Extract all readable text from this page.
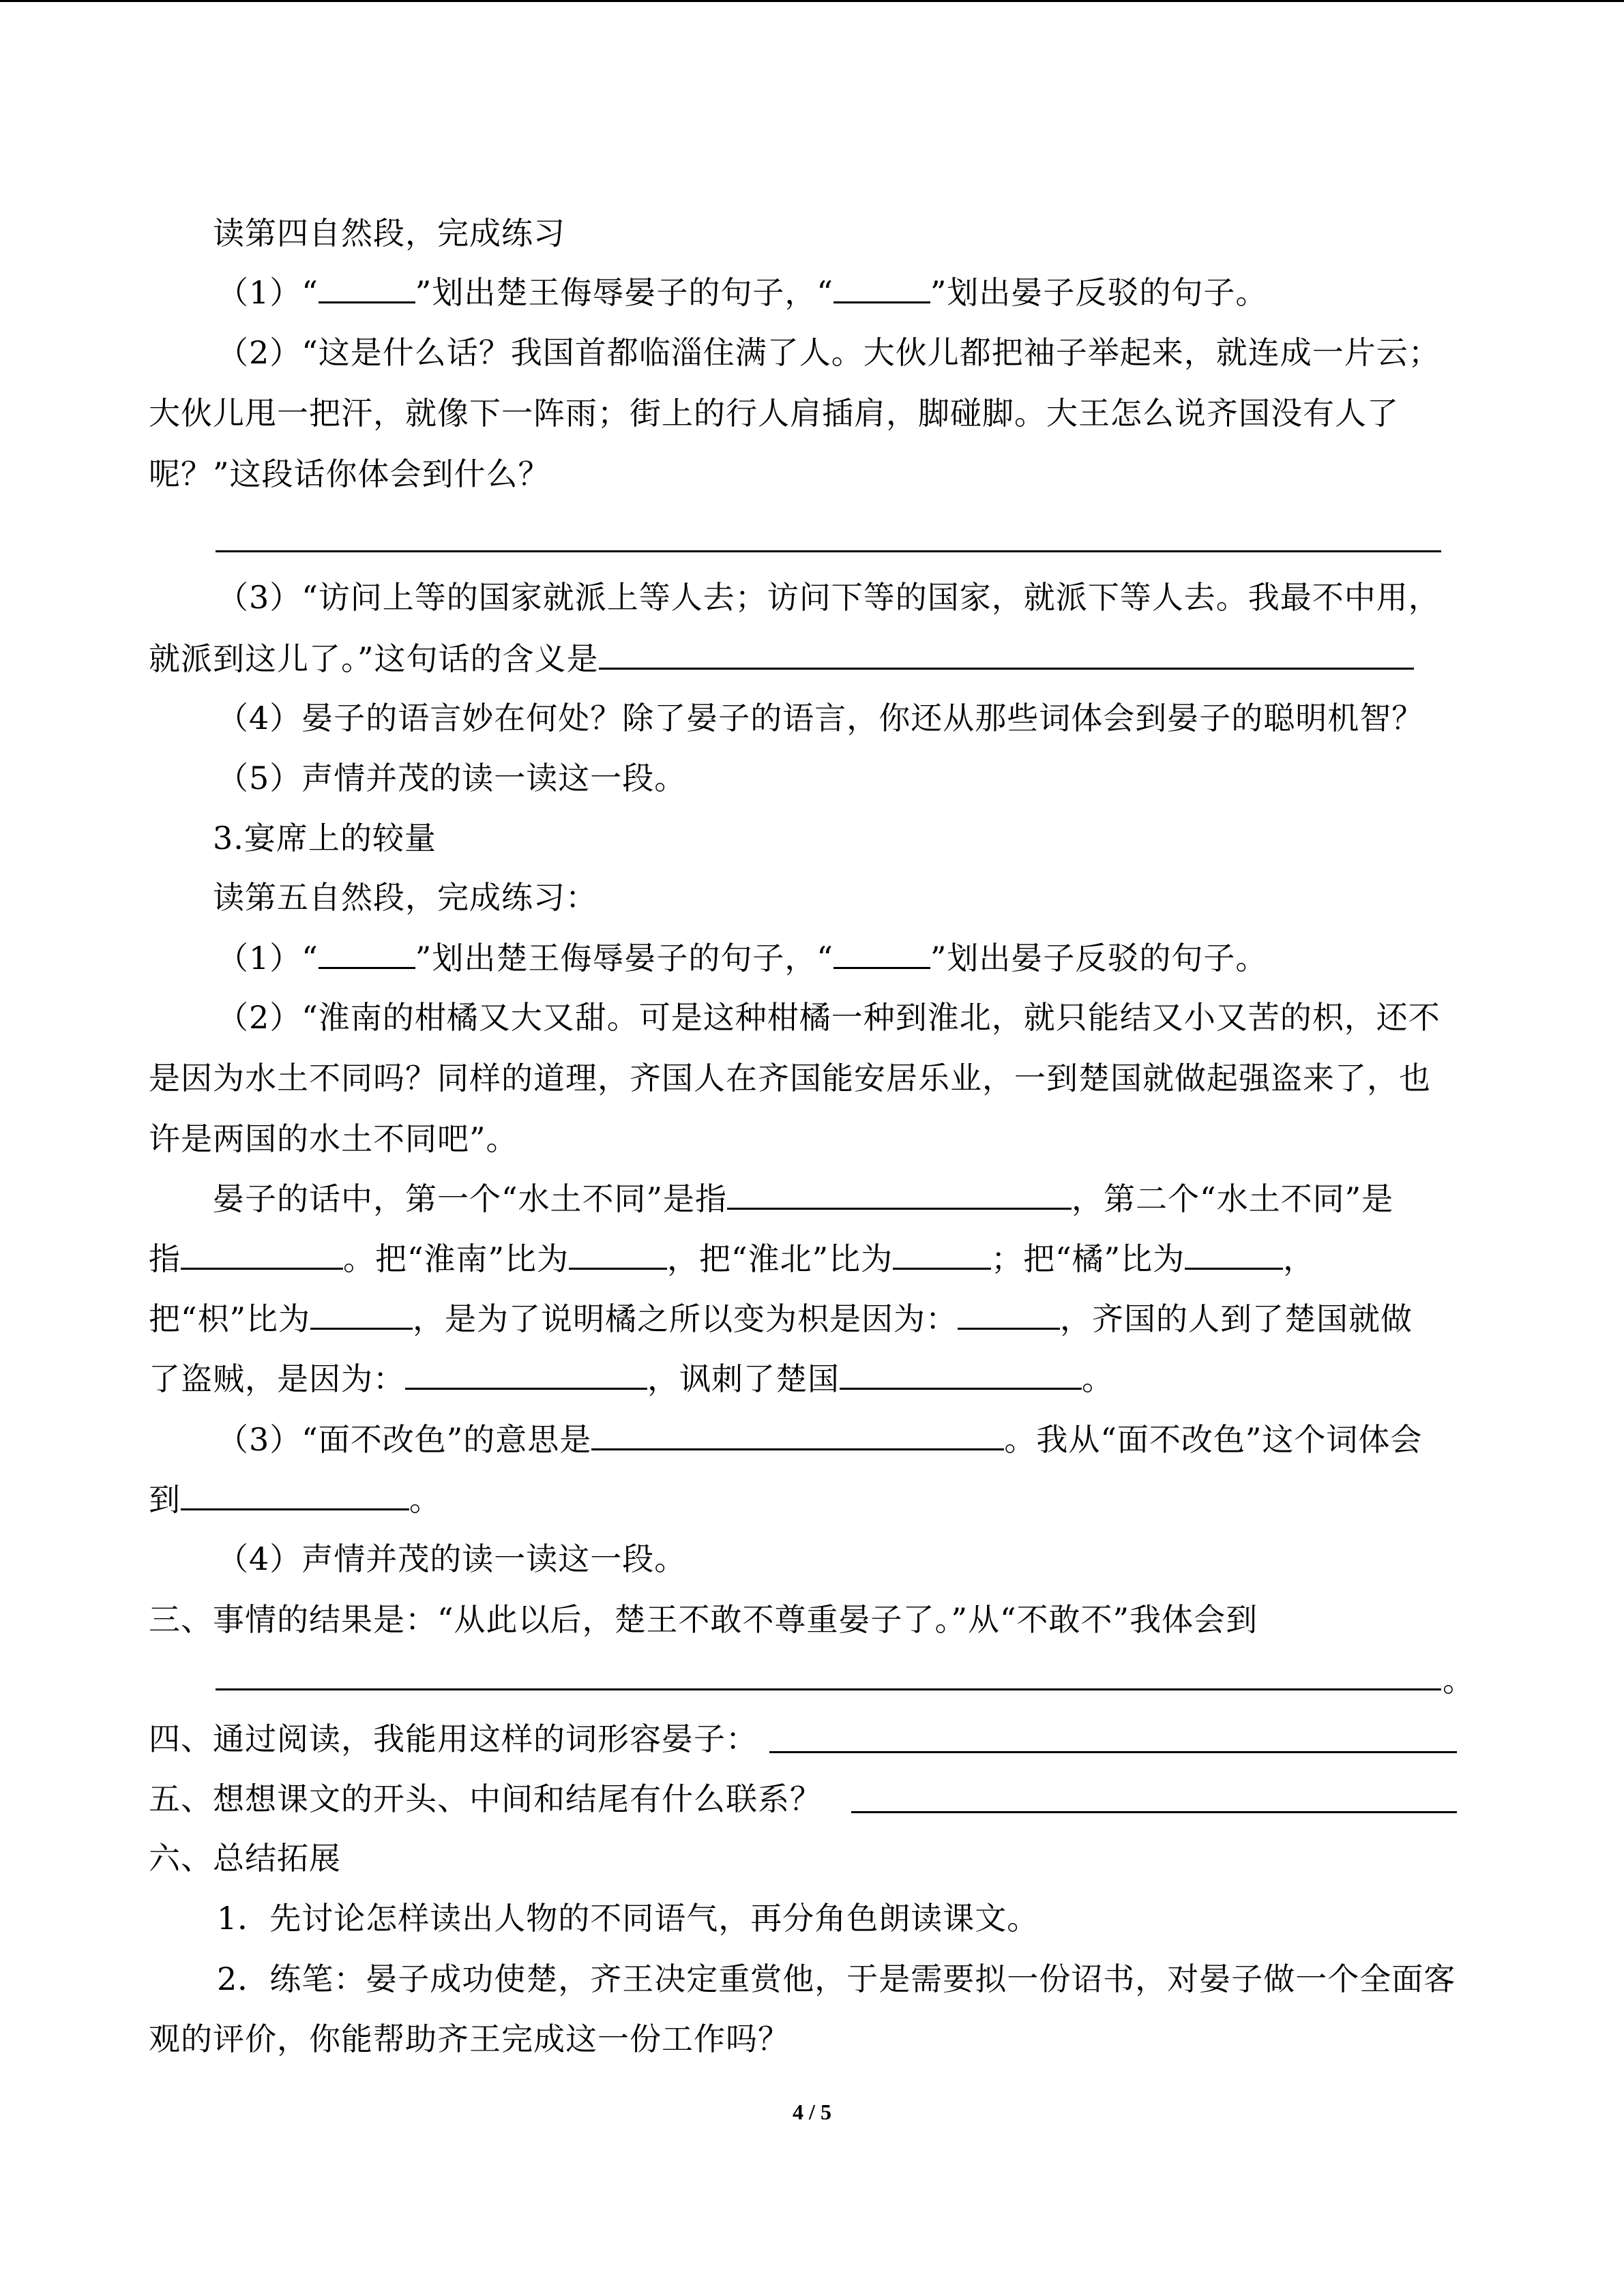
读第四自然段，完成练习
（1）“	”划出楚王侮辱晏子的句子，“	”划出晏子反驳的句子。
（2）“这是什么话？我国首都临淄住满了人。大伙儿都把袖子举起来，就连成一片云；
大伙儿甩一把汗，就像下一阵雨；街上的行人肩插肩，脚碰脚。大王怎么说齐国没有人了
呢？”这段话你体会到什么？
（3）“访问上等的国家就派上等人去；访问下等的国家，就派下等人去。我最不中用，
就派到这儿了。”这句话的含义是
（4）晏子的语言妙在何处？除了晏子的语言，你还从那些词体会到晏子的聪明机智？
（5）声情并茂的读一读这一段。
3.宴席上的较量
读第五自然段，完成练习：
（1）“	”划出楚王侮辱晏子的句子，“	”划出晏子反驳的句子。
（2）“淮南的柑橘又大又甜。可是这种柑橘一种到淮北，就只能结又小又苦的枳，还不
是因为水土不同吗？同样的道理，齐国人在齐国能安居乐业，一到楚国就做起强盗来了，也
许是两国的水土不同吧”。
晏子的话中，第一个“水土不同”是指	，第二个“水土不同”是
指	。把“淮南”比为	，把“淮北”比为	；把“橘”比为	，
把“枳”比为	，是为了说明橘之所以变为枳是因为：	，齐国的人到了楚国就做
了盗贼，是因为：	，讽刺了楚国	。
（3）“面不改色”的意思是	。我从“面不改色”这个词体会
到	。
（4）声情并茂的读一读这一段。
三、事情的结果是：“从此以后，楚王不敢不尊重晏子了。”从“不敢不”我体会到
。
四、通过阅读，我能用这样的词形容晏子：
五、想想课文的开头、中间和结尾有什么联系？
六、总结拓展
1．先讨论怎样读出人物的不同语气，再分角色朗读课文。
2．练笔：晏子成功使楚，齐王决定重赏他，于是需要拟一份诏书，对晏子做一个全面客
观的评价，你能帮助齐王完成这一份工作吗？
4 / 5
